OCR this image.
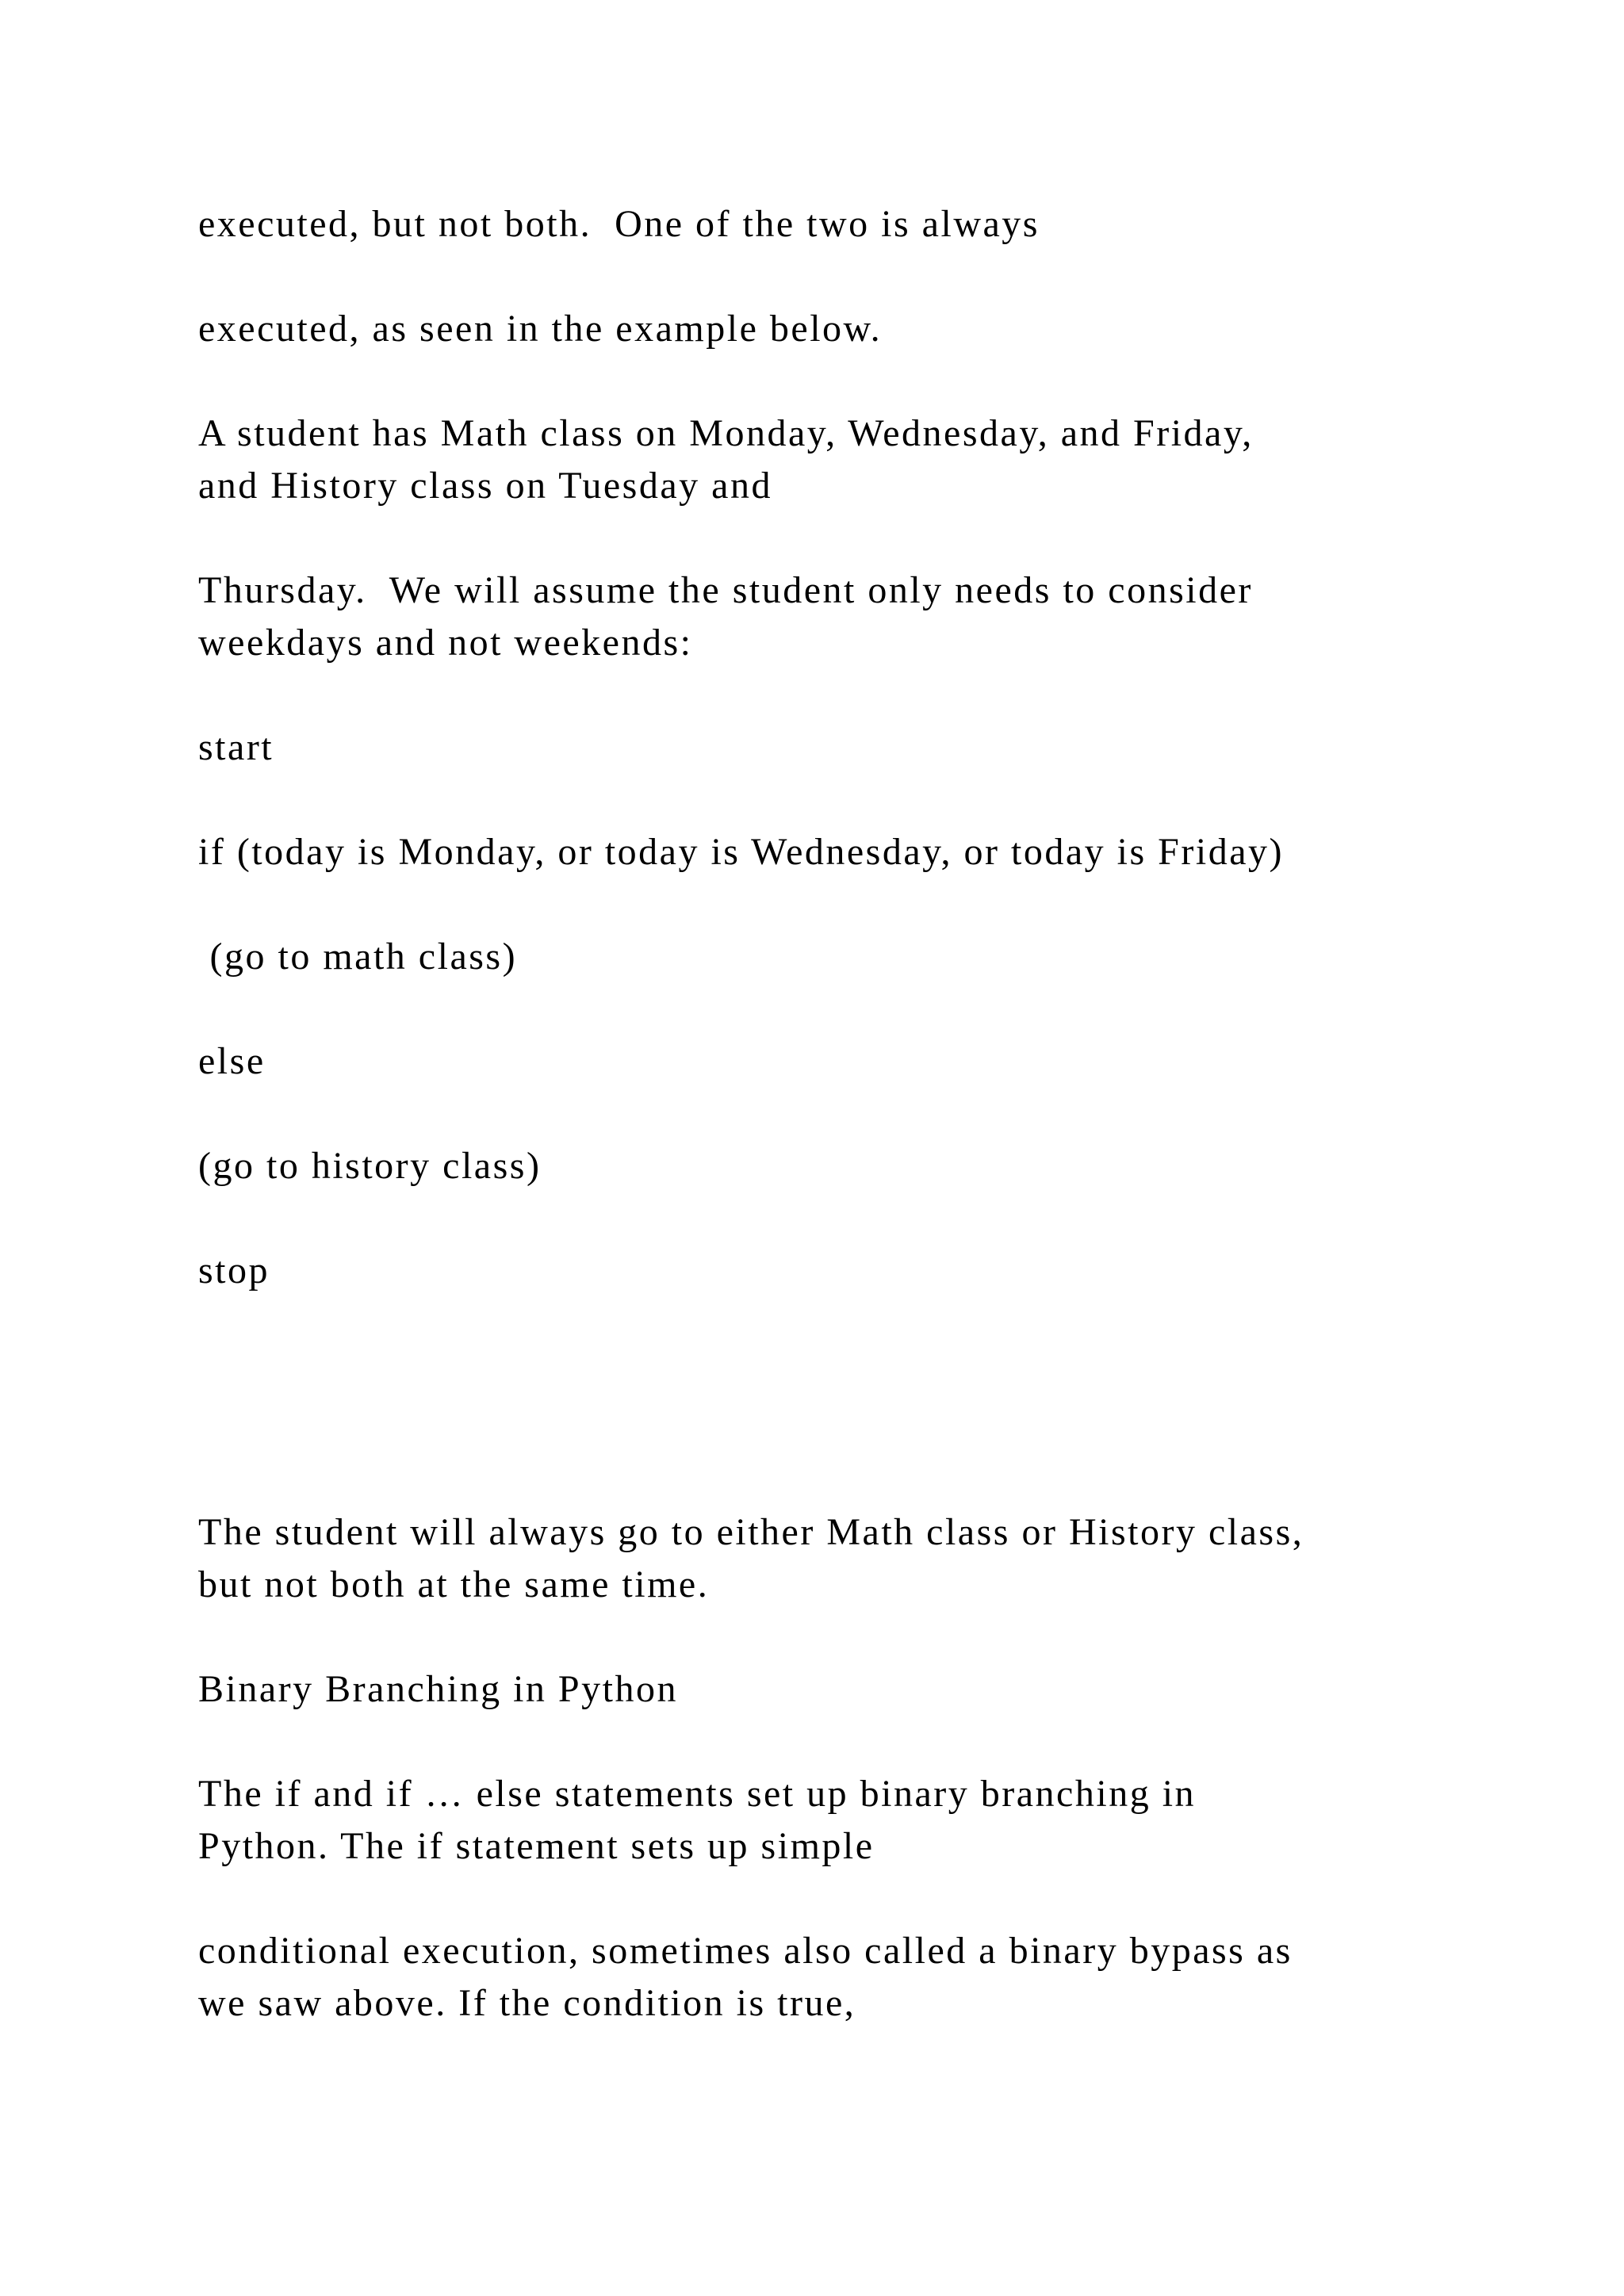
executed, but not both.  One of the two is always

executed, as seen in the example below.

A student has Math class on Monday, Wednesday, and Friday,
and History class on Tuesday and

Thursday.  We will assume the student only needs to consider
weekdays and not weekends:

start

if (today is Monday, or today is Wednesday, or today is Friday)

(go to math class)

else

(go to history class)

stop

The student will always go to either Math class or History class,
but not both at the same time.

Binary Branching in Python

The if and if … else statements set up binary branching in
Python. The if statement sets up simple

conditional execution, sometimes also called a binary bypass as
we saw above. If the condition is true,
